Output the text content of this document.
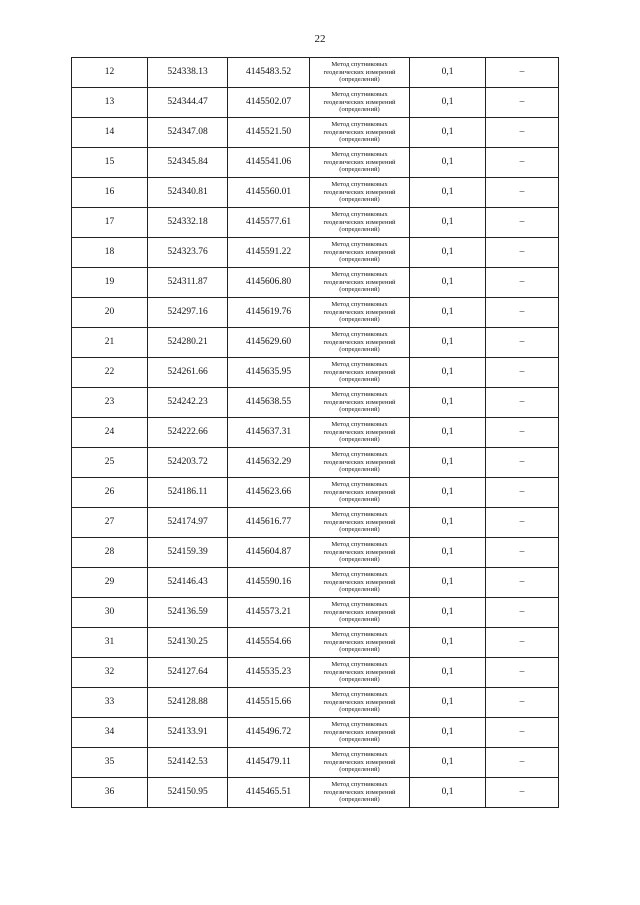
22
12	524338.13	4145483.52	Метод спутниковых
геодезических измерений
(определений)	0,1	–
13	524344.47	4145502.07	Метод спутниковых
геодезических измерений
(определений)	0,1	–
14	524347.08	4145521.50	Метод спутниковых
геодезических измерений
(определений)	0,1	–
15	524345.84	4145541.06	Метод спутниковых
геодезических измерений
(определений)	0,1	–
16	524340.81	4145560.01	Метод спутниковых
геодезических измерений
(определений)	0,1	–
17	524332.18	4145577.61	Метод спутниковых
геодезических измерений
(определений)	0,1	–
18	524323.76	4145591.22	Метод спутниковых
геодезических измерений
(определений)	0,1	–
19	524311.87	4145606.80	Метод спутниковых
геодезических измерений
(определений)	0,1	–
20	524297.16	4145619.76	Метод спутниковых
геодезических измерений
(определений)	0,1	–
21	524280.21	4145629.60	Метод спутниковых
геодезических измерений
(определений)	0,1	–
22	524261.66	4145635.95	Метод спутниковых
геодезических измерений
(определений)	0,1	–
23	524242.23	4145638.55	Метод спутниковых
геодезических измерений
(определений)	0,1	–
24	524222.66	4145637.31	Метод спутниковых
геодезических измерений
(определений)	0,1	–
25	524203.72	4145632.29	Метод спутниковых
геодезических измерений
(определений)	0,1	–
26	524186.11	4145623.66	Метод спутниковых
геодезических измерений
(определений)	0,1	–
27	524174.97	4145616.77	Метод спутниковых
геодезических измерений
(определений)	0,1	–
28	524159.39	4145604.87	Метод спутниковых
геодезических измерений
(определений)	0,1	–
29	524146.43	4145590.16	Метод спутниковых
геодезических измерений
(определений)	0,1	–
30	524136.59	4145573.21	Метод спутниковых
геодезических измерений
(определений)	0,1	–
31	524130.25	4145554.66	Метод спутниковых
геодезических измерений
(определений)	0,1	–
32	524127.64	4145535.23	Метод спутниковых
геодезических измерений
(определений)	0,1	–
33	524128.88	4145515.66	Метод спутниковых
геодезических измерений
(определений)	0,1	–
34	524133.91	4145496.72	Метод спутниковых
геодезических измерений
(определений)	0,1	–
35	524142.53	4145479.11	Метод спутниковых
геодезических измерений
(определений)	0,1	–
36	524150.95	4145465.51	Метод спутниковых
геодезических измерений
(определений)	0,1	–
